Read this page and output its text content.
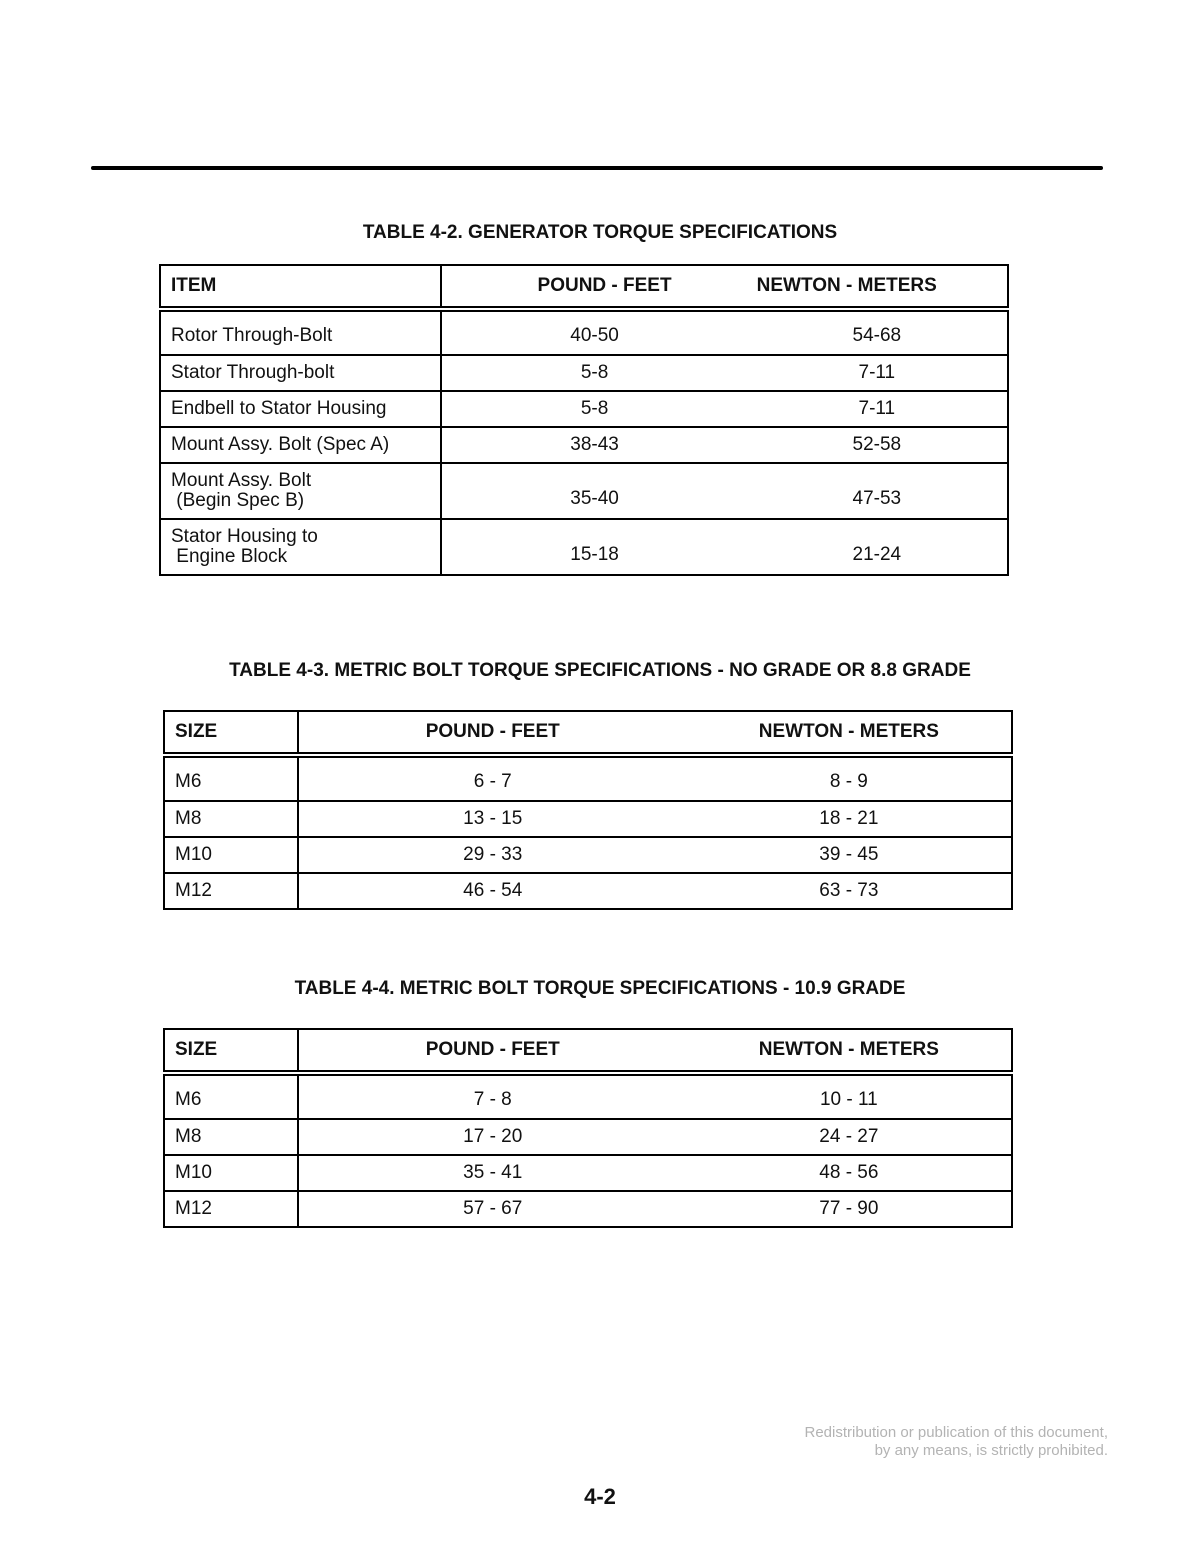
TABLE 4-2. GENERATOR TORQUE SPECIFICATIONS
ITEM	POUND - FEET	NEWTON - METERS
Rotor Through-Bolt	40-50	54-68
Stator Through-bolt	5-8	7-11
Endbell to Stator Housing	5-8	7-11
Mount Assy. Bolt (Spec A)	38-43	52-58

Mount Assy. Bolt
(Begin Spec B)	35-40	47-53

Stator Housing to
Engine Block	15-18	21-24
TABLE 4-3. METRIC BOLT TORQUE SPECIFICATIONS - NO GRADE OR 8.8 GRADE
SIZE	POUND - FEET	NEWTON - METERS
M6	6 - 7	8 - 9
M8	13 - 15	18 - 21
M10	29 - 33	39 - 45
M12	46 - 54	63 - 73
TABLE 4-4. METRIC BOLT TORQUE SPECIFICATIONS - 10.9 GRADE
SIZE	POUND - FEET	NEWTON - METERS
M6	7 - 8	10 - 11
M8	17 - 20	24 - 27
M10	35 - 41	48 - 56
M12	57 - 67	77 - 90
Redistribution or publication of this document,
by any means, is strictly prohibited.
4-2
